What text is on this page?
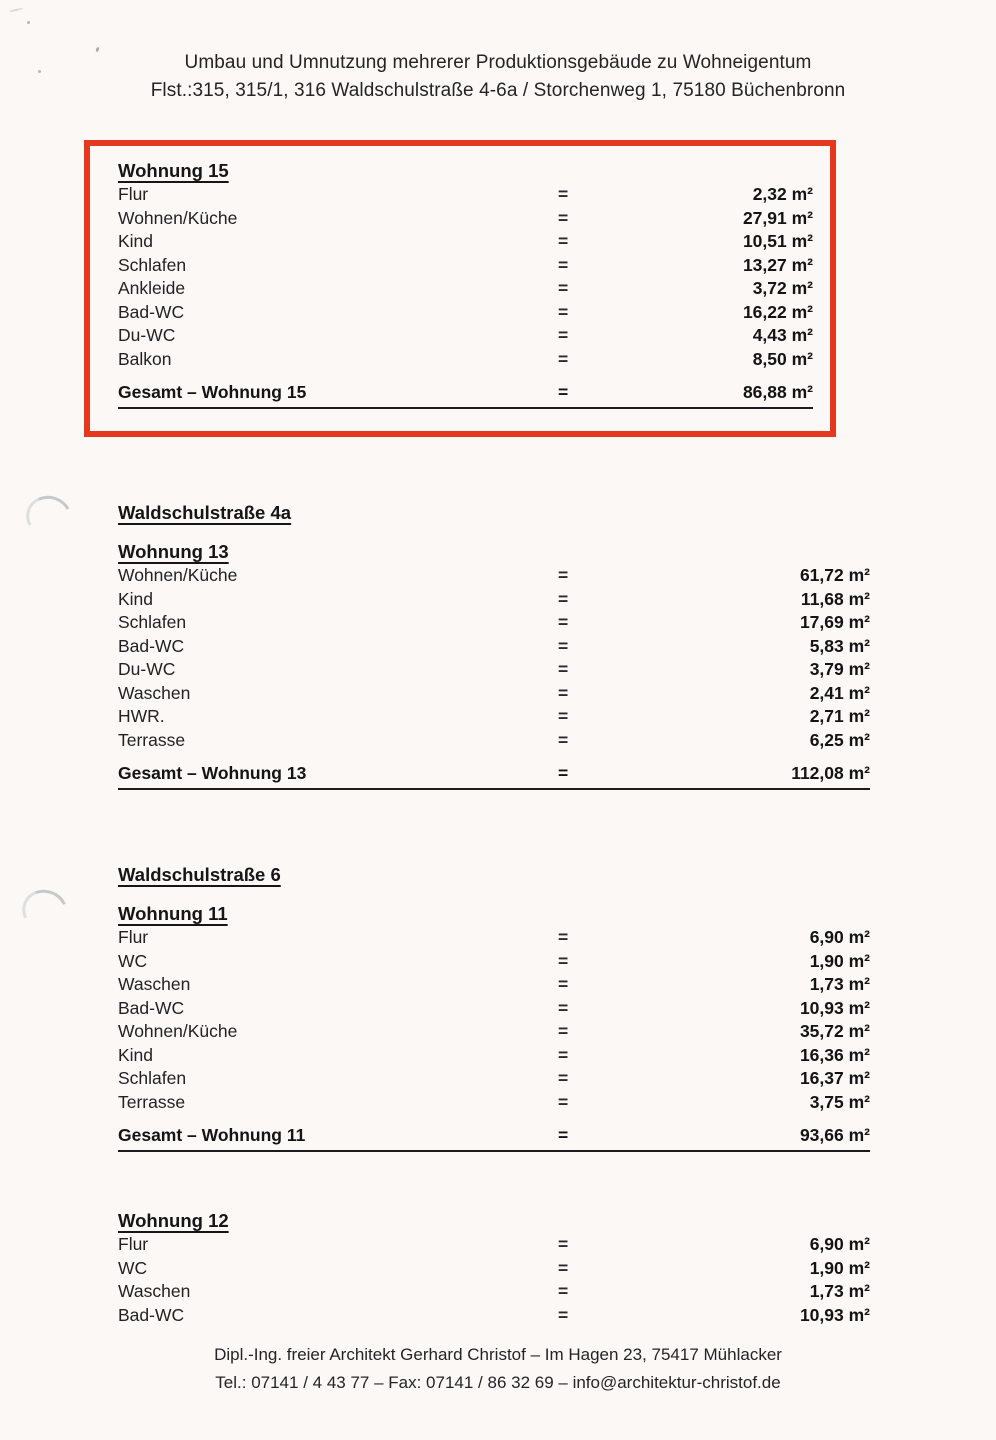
Umbau und Umnutzung mehrerer Produktionsgebäude zu Wohneigentum
Flst.:315, 315/1, 316 Waldschulstraße 4-6a / Storchenweg 1, 75180 Büchenbronn
Wohnung 15
Flur	=	2,32 m²
Wohnen/Küche	=	27,91 m²
Kind	=	10,51 m²
Schlafen	=	13,27 m²
Ankleide	=	3,72 m²
Bad-WC	=	16,22 m²
Du-WC	=	4,43 m²
Balkon	=	8,50 m²
Gesamt – Wohnung 15	=	86,88 m²
Waldschulstraße 4a
Wohnung 13
Wohnen/Küche	=	61,72 m²
Kind	=	11,68 m²
Schlafen	=	17,69 m²
Bad-WC	=	5,83 m²
Du-WC	=	3,79 m²
Waschen	=	2,41 m²
HWR.	=	2,71 m²
Terrasse	=	6,25 m²
Gesamt – Wohnung 13	=	112,08 m²
Waldschulstraße 6
Wohnung 11
Flur	=	6,90 m²
WC	=	1,90 m²
Waschen	=	1,73 m²
Bad-WC	=	10,93 m²
Wohnen/Küche	=	35,72 m²
Kind	=	16,36 m²
Schlafen	=	16,37 m²
Terrasse	=	3,75 m²
Gesamt – Wohnung 11	=	93,66 m²
Wohnung 12
Flur	=	6,90 m²
WC	=	1,90 m²
Waschen	=	1,73 m²
Bad-WC	=	10,93 m²
Dipl.-Ing. freier Architekt Gerhard Christof – Im Hagen 23, 75417 Mühlacker
Tel.: 07141 / 4 43 77 – Fax: 07141 / 86 32 69 – info@architektur-christof.de
